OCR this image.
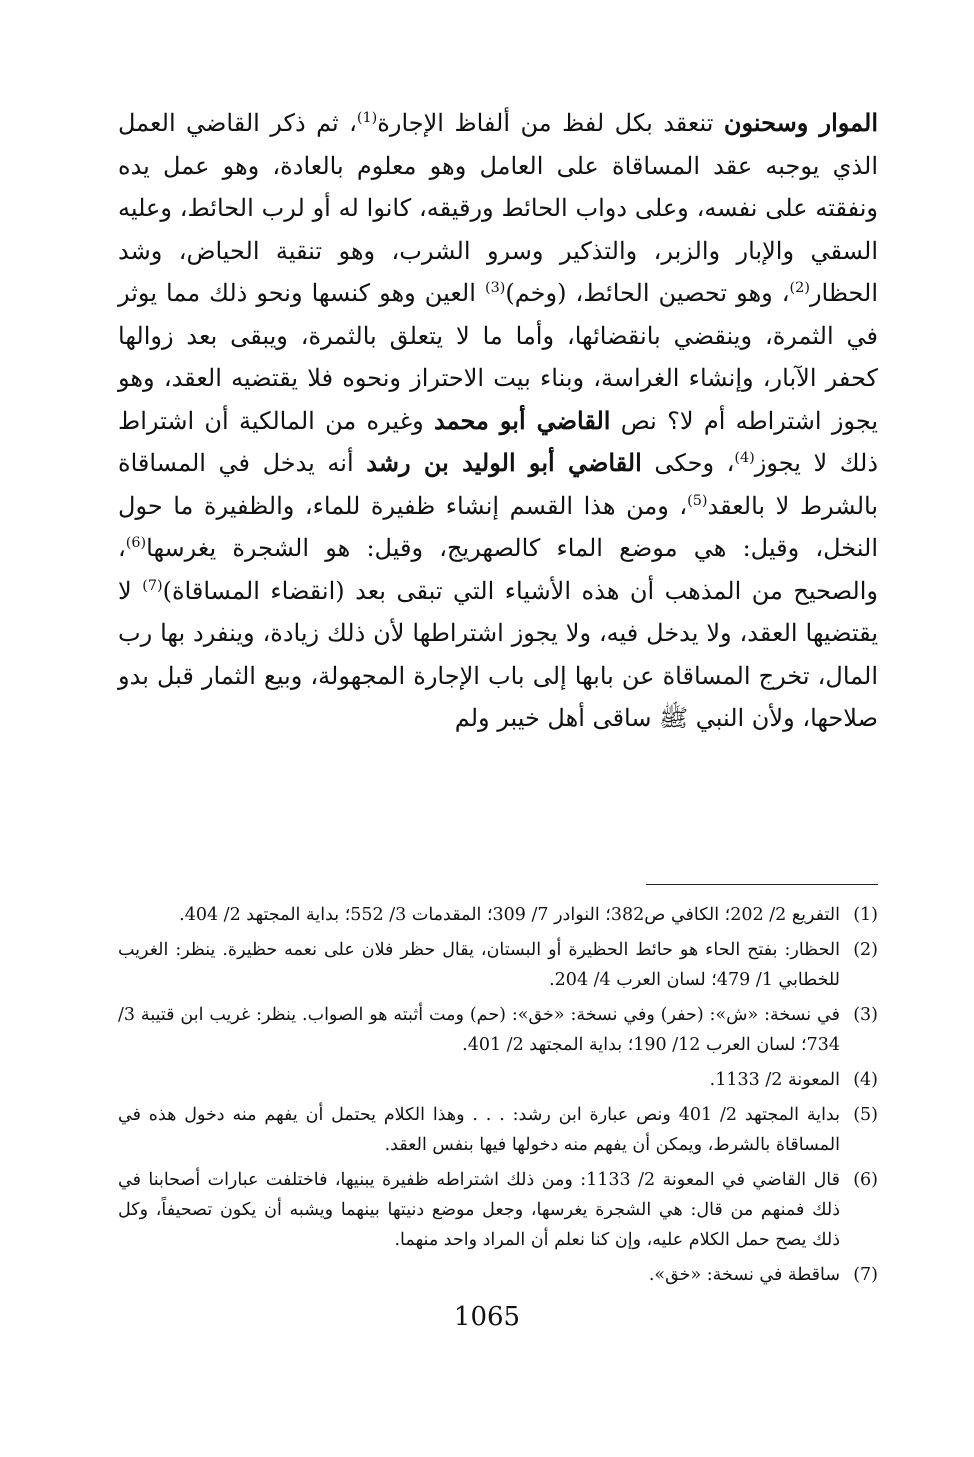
الموار وسحنون تنعقد بكل لفظ من ألفاظ الإجارة$^{(1)}$، ثم ذكر القاضي العمل الذي يوجبه عقد المساقاة على العامل وهو معلوم بالعادة، وهو عمل يده ونفقته على نفسه، وعلى دواب الحائط ورقيقه، كانوا له أو لرب الحائط، وعليه السقي والإبار والزبر، والتذكير وسرو الشرب، وهو تنقية الحياض، وشد الحظار$^{(2)}$، وهو تحصين الحائط، (وخم)$^{(3)}$ العين وهو كنسها ونحو ذلك مما يوثر في الثمرة، وينقضي بانقضائها، وأما ما لا يتعلق بالثمرة، ويبقى بعد زوالها كحفر الآبار، وإنشاء الغراسة، وبناء بيت الاحتراز ونحوه فلا يقتضيه العقد، وهو يجوز اشتراطه أم لا؟ نص القاضي أبو محمد وغيره من المالكية أن اشتراط ذلك لا يجوز$^{(4)}$، وحكى القاضي أبو الوليد بن رشد أنه يدخل في المساقاة بالشرط لا بالعقد$^{(5)}$، ومن هذا القسم إنشاء ظفيرة للماء، والظفيرة ما حول النخل، وقيل: هي موضع الماء كالصهريج، وقيل: هو الشجرة يغرسها$^{(6)}$، والصحيح من المذهب أن هذه الأشياء التي تبقى بعد (انقضاء المساقاة)$^{(7)}$ لا يقتضيها العقد، ولا يدخل فيه، ولا يجوز اشتراطها لأن ذلك زيادة، وينفرد بها رب المال، تخرج المساقاة عن بابها إلى باب الإجارة المجهولة، وبيع الثمار قبل بدو صلاحها، ولأن النبي ﷺ ساقى أهل خيبر ولم

(1)
التفريع 2/ 202؛ الكافي ص382؛ النوادر 7/ 309؛ المقدمات 3/ 552؛ بداية المجتهد 2/ 404.
(2)
الحظار: بفتح الحاء هو حائط الحظيرة أو البستان، يقال حظر فلان على نعمه حظيرة. ينظر: الغريب للخطابي 1/ 479؛ لسان العرب 4/ 204.
(3)
في نسخة: «ش»: (حفر) وفي نسخة: «خق»: (حم) ومت أثبته هو الصواب. ينظر: غريب ابن قتيبة 3/ 734؛ لسان العرب 12/ 190؛ بداية المجتهد 2/ 401.
(4)
المعونة 2/ 1133.
(5)
بداية المجتهد 2/ 401 ونص عبارة ابن رشد: . . . وهذا الكلام يحتمل أن يفهم منه دخول هذه في المساقاة بالشرط، ويمكن أن يفهم منه دخولها فيها بنفس العقد.
(6)
قال القاضي في المعونة 2/ 1133: ومن ذلك اشتراطه ظفيرة يبنيها، فاختلفت عبارات أصحابنا في ذلك فمنهم من قال: هي الشجرة يغرسها، وجعل موضع دنيتها بينهما ويشبه أن يكون تصحيفاً، وكل ذلك يصح حمل الكلام عليه، وإن كنا نعلم أن المراد واحد منهما.
(7)
ساقطة في نسخة: «خق».
1065
